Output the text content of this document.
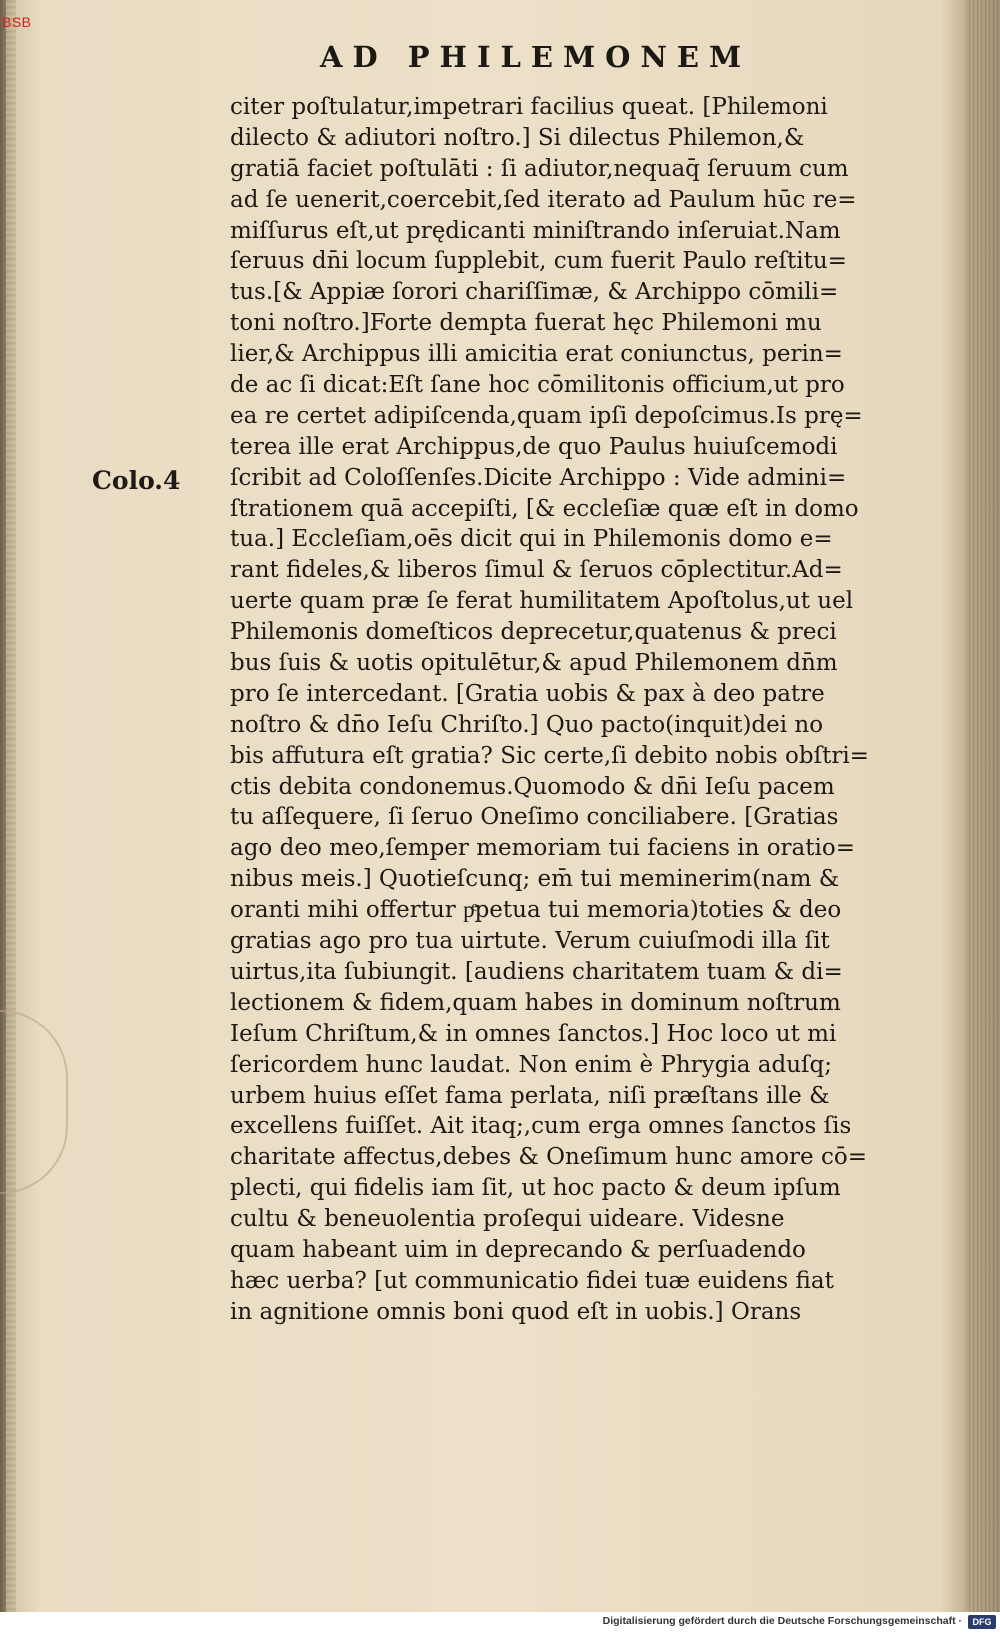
BSB
AD PHILEMONEM
Colo.4
citer poſtulatur,impetrari facilius queat. [Philemoni
dilecto & adiutori noſtro.] Si dilectus Philemon,&
gratiā faciet poſtulāti : ſi adiutor,nequaq̄ ſeruum cum
ad ſe uenerit,coercebit,ſed iterato ad Paulum hūc re=
miſſurus eſt,ut prędicanti miniſtrando inſeruiat.Nam
ſeruus dn̄i locum ſupplebit, cum fuerit Paulo reſtitu=
tus.[& Appiæ ſorori chariſſimæ, & Archippo cōmili=
toni noſtro.]Forte dempta fuerat hęc Philemoni mu
lier,& Archippus illi amicitia erat coniunctus, perin=
de ac ſi dicat:Eſt ſane hoc cōmilitonis officium,ut pro
ea re certet adipiſcenda,quam ipſi depoſcimus.Is prę=
terea ille erat Archippus,de quo Paulus huiuſcemodi
ſcribit ad Coloſſenſes.Dicite Archippo : Vide admini=
ſtrationem quā accepiſti, [& eccleſiæ quæ eſt in domo
tua.] Eccleſiam,oēs dicit qui in Philemonis domo e=
rant fideles,& liberos ſimul & ſeruos cōplectitur.Ad=
uerte quam præ ſe ferat humilitatem Apoſtolus,ut uel
Philemonis domeſticos deprecetur,quatenus & preci
bus ſuis & uotis opitulētur,& apud Philemonem dn̄m
pro ſe intercedant. [Gratia uobis & pax à deo patre
noſtro & dn̄o Ieſu Chriſto.] Quo pacto(inquit)dei no
bis affutura eſt gratia? Sic certe,ſi debito nobis obſtri=
ctis debita condonemus.Quomodo & dn̄i Ieſu pacem
tu aſſequere, ſi ſeruo Oneſimo conciliabere. [Gratias
ago deo meo,ſemper memoriam tui faciens in oratio=
nibus meis.] Quotieſcunq; em̄ tui meminerim(nam &
oranti mihi offertur pͤpetua tui memoria)toties & deo
gratias ago pro tua uirtute. Verum cuiuſmodi illa ſit
uirtus,ita ſubiungit. [audiens charitatem tuam & di=
lectionem & fidem,quam habes in dominum noſtrum
Ieſum Chriſtum,& in omnes ſanctos.] Hoc loco ut mi
ſericordem hunc laudat. Non enim è Phrygia aduſq;
urbem huius eſſet fama perlata, niſi præſtans ille &
excellens fuiſſet. Ait itaq;,cum erga omnes ſanctos ſis
charitate affectus,debes & Oneſimum hunc amore cō=
plecti, qui fidelis iam ſit, ut hoc pacto & deum ipſum
cultu & beneuolentia proſequi uideare. Videsne
quam habeant uim in deprecando & perſuadendo
hæc uerba? [ut communicatio fidei tuæ euidens fiat
in agnitione omnis boni quod eſt in uobis.] Orans
Digitalisierung gefördert durch die Deutsche Forschungsgemeinschaft ·	DFG
